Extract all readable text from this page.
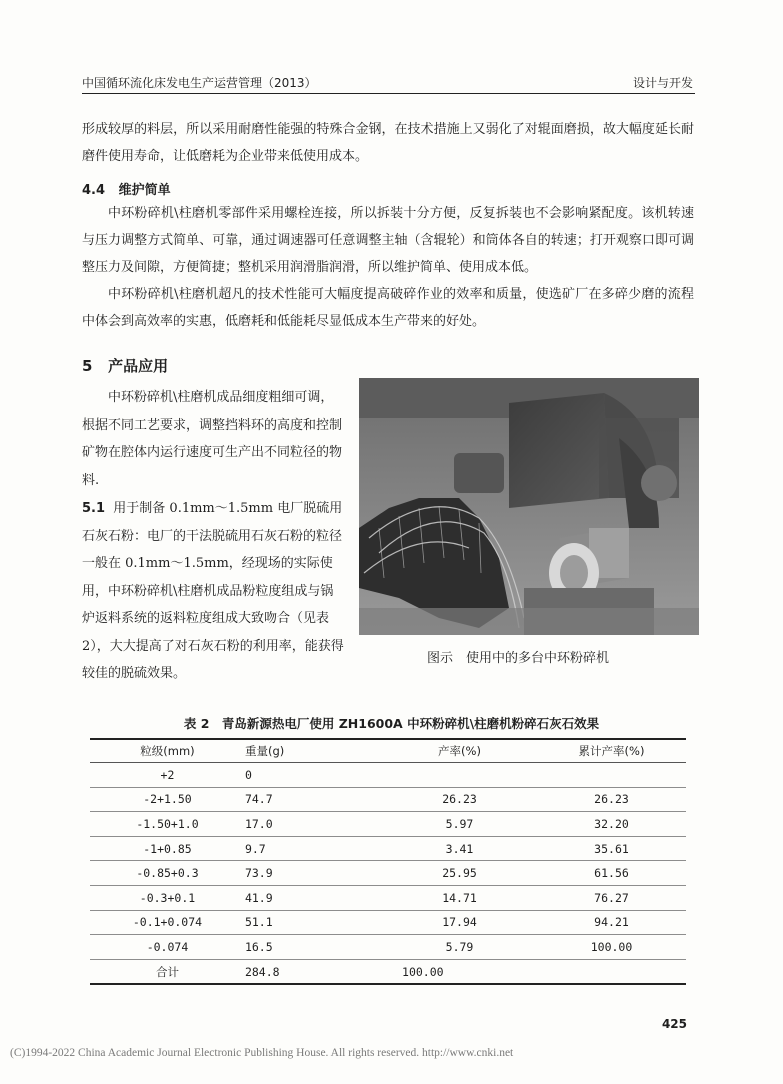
中国循环流化床发电生产运营管理（2013）	设计与开发

形成较厚的料层，所以采用耐磨性能强的特殊合金钢，在技术措施上又弱化了对辊面磨损，故大幅度延长耐磨件使用寿命，让低磨耗为企业带来低使用成本。

4.4 维护简单

中环粉碎机\柱磨机零部件采用螺栓连接，所以拆装十分方便，反复拆装也不会影响紧配度。该机转速与压力调整方式简单、可靠，通过调速器可任意调整主轴（含辊轮）和筒体各自的转速；打开观察口即可调整压力及间隙，方便简捷；整机采用润滑脂润滑，所以维护简单、使用成本低。

中环粉碎机\柱磨机超凡的技术性能可大幅度提高破碎作业的效率和质量，使选矿厂在多碎少磨的流程中体会到高效率的实惠，低磨耗和低能耗尽显低成本生产带来的好处。

5 产品应用

中环粉碎机\柱磨机成品细度粗细可调，根据不同工艺要求，调整挡料环的高度和控制矿物在腔体内运行速度可生产出不同粒径的物料.

5.1 用于制备 0.1mm～1.5mm 电厂脱硫用石灰石粉：电厂的干法脱硫用石灰石粉的粒径一般在 0.1mm～1.5mm，经现场的实际使用，中环粉碎机\柱磨机成品粉粒度组成与锅炉返料系统的返料粒度组成大致吻合（见表 2），大大提高了对石灰石粉的利用率，能获得较佳的脱硫效果。

图示　使用中的多台中环粉碎机
表 2　青岛新源热电厂使用 ZH1600A 中环粉碎机\柱磨机粉碎石灰石效果
粒级(mm)	重量(g)	产率(%)	累计产率(%)
+2	0		
-2+1.50	74.7	26.23	26.23
-1.50+1.0	17.0	5.97	32.20
-1+0.85	9.7	3.41	35.61
-0.85+0.3	73.9	25.95	61.56
-0.3+0.1	41.9	14.71	76.27
-0.1+0.074	51.1	17.94	94.21
-0.074	16.5	5.79	100.00
合计	284.8	100.00	
425
(C)1994-2022 China Academic Journal Electronic Publishing House. All rights reserved. http://www.cnki.net
